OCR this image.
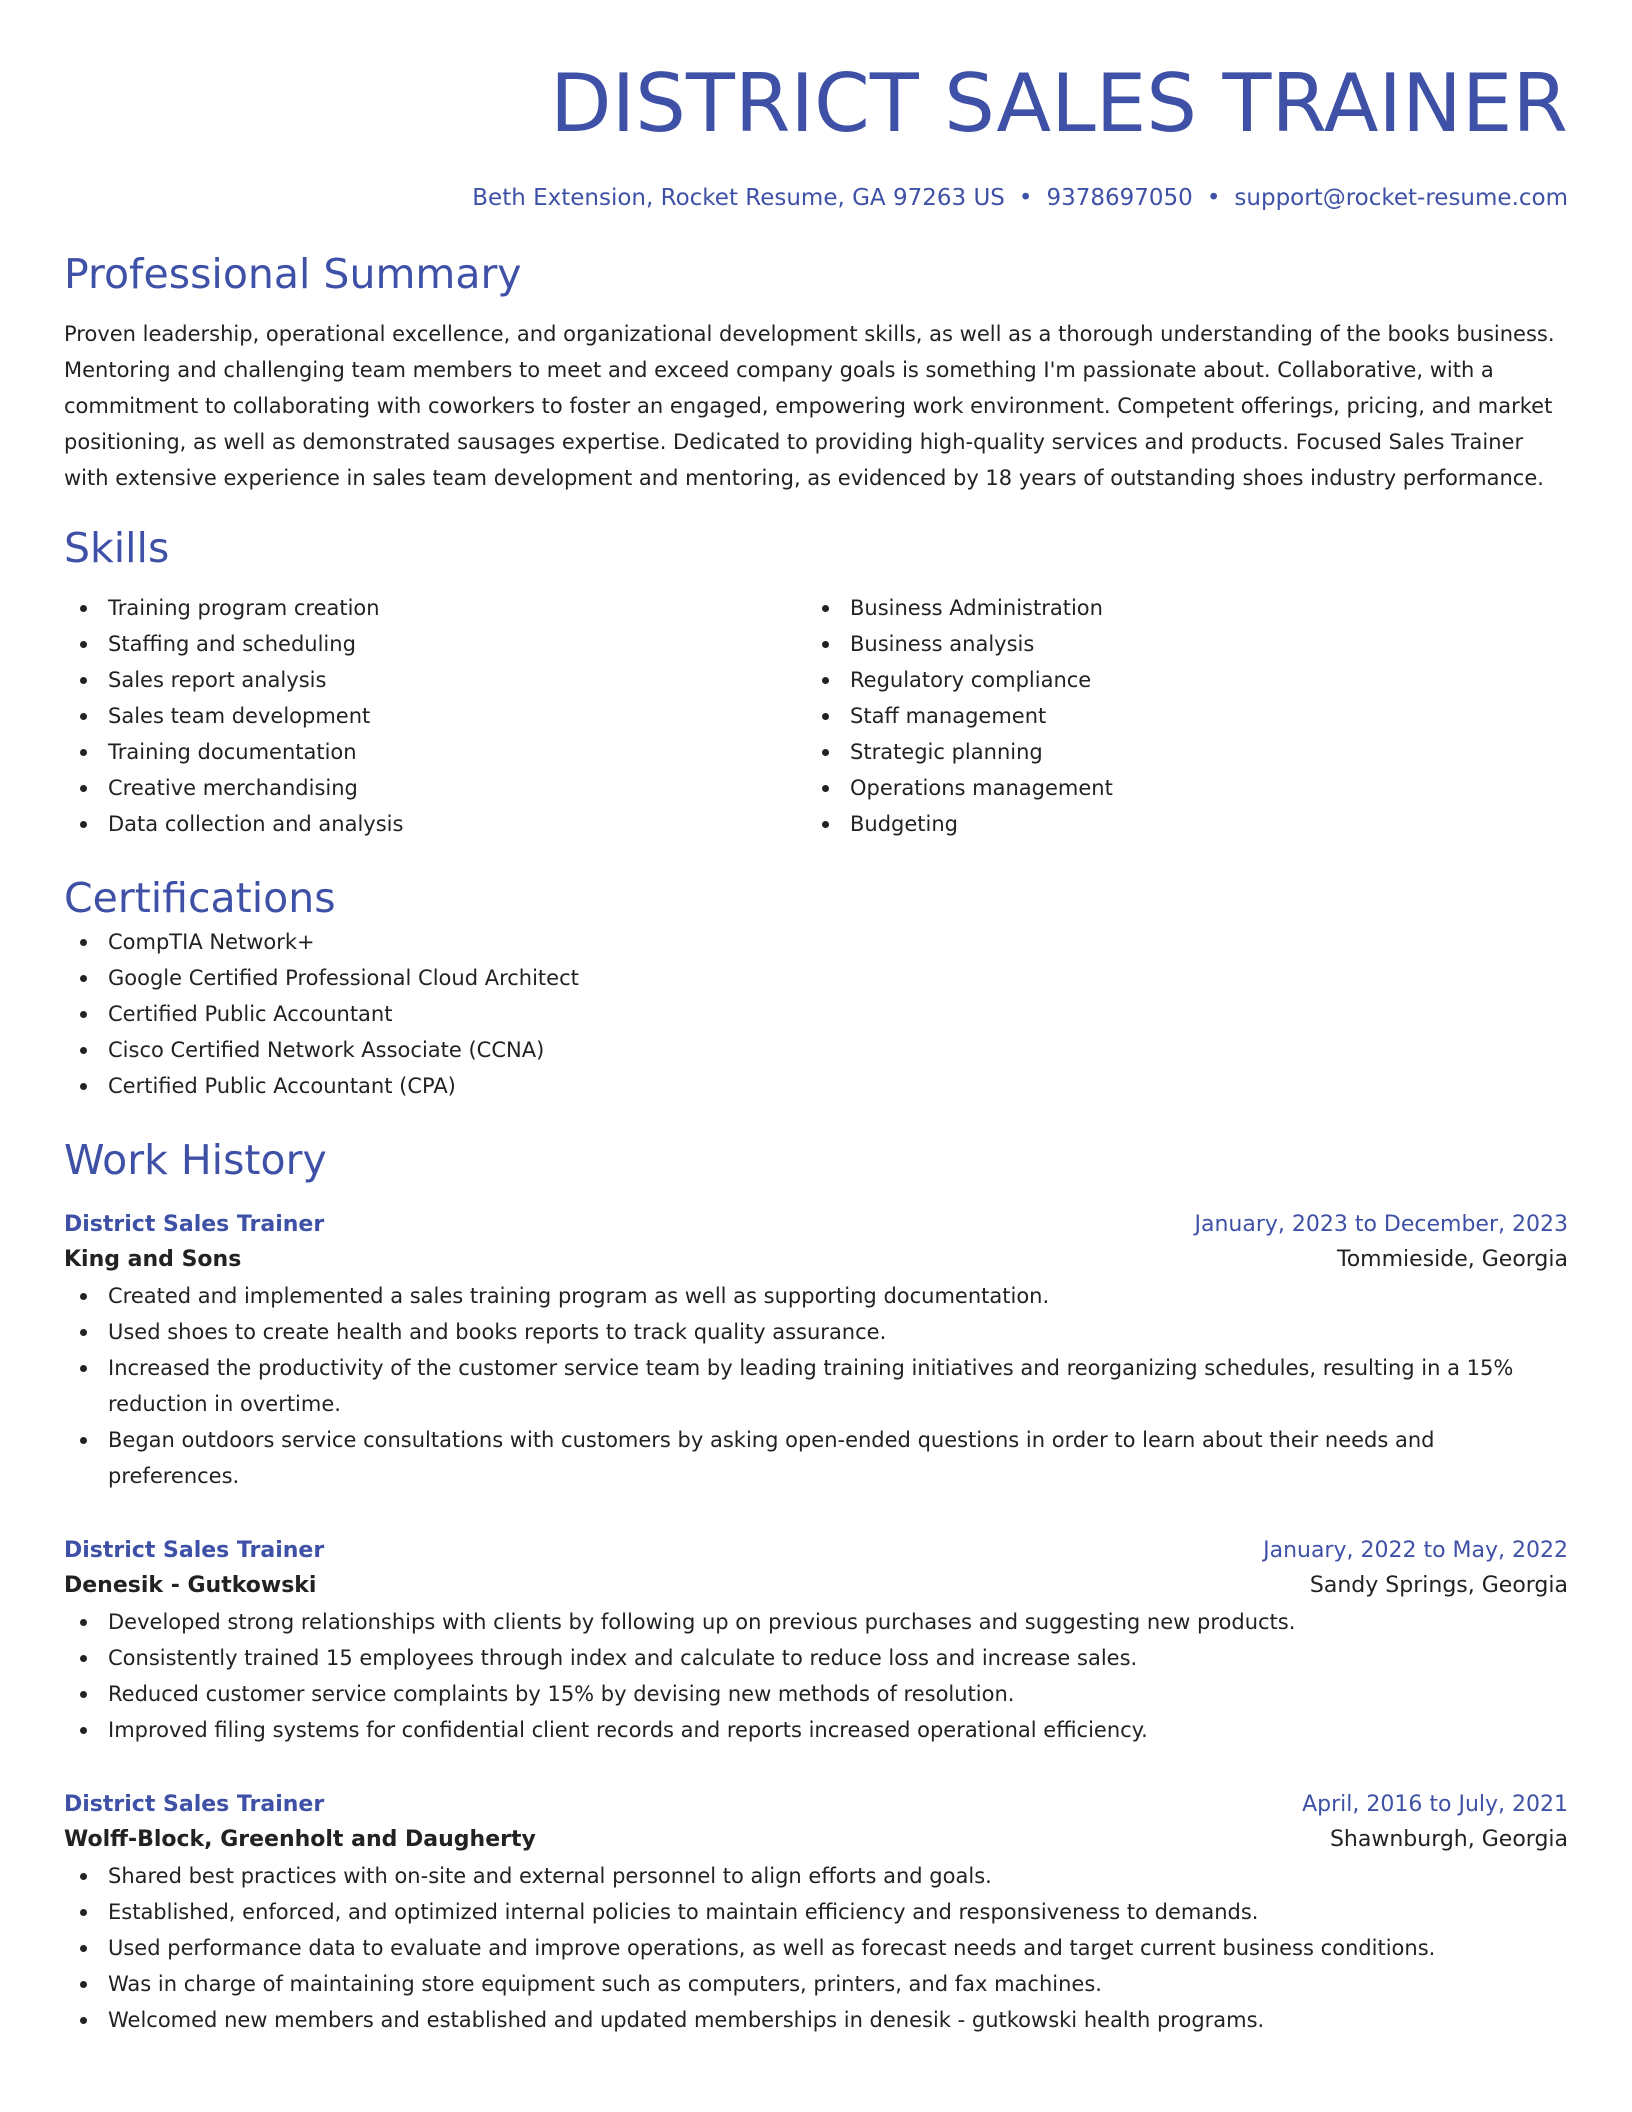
DISTRICT SALES TRAINER
Beth Extension, Rocket Resume, GA 97263 US • 9378697050 • support@rocket-resume.com
Professional Summary

Proven leadership, operational excellence, and organizational development skills, as well as a thorough understanding of the books business. Mentoring and challenging team members to meet and exceed company goals is something I'm passionate about. Collaborative, with a commitment to collaborating with coworkers to foster an engaged, empowering work environment. Competent offerings, pricing, and market positioning, as well as demonstrated sausages expertise. Dedicated to providing high-quality services and products. Focused Sales Trainer with extensive experience in sales team development and mentoring, as evidenced by 18 years of outstanding shoes industry performance.

Skills
Training program creation
Staffing and scheduling
Sales report analysis
Sales team development
Training documentation
Creative merchandising
Data collection and analysis
Business Administration
Business analysis
Regulatory compliance
Staff management
Strategic planning
Operations management
Budgeting
Certifications
CompTIA Network+
Google Certified Professional Cloud Architect
Certified Public Accountant
Cisco Certified Network Associate (CCNA)
Certified Public Accountant (CPA)
Work History
District Sales Trainer	January, 2023 to December, 2023
King and Sons	Tommieside, Georgia
Created and implemented a sales training program as well as supporting documentation.
Used shoes to create health and books reports to track quality assurance.
Increased the productivity of the customer service team by leading training initiatives and reorganizing schedules, resulting in a 15% reduction in overtime.
Began outdoors service consultations with customers by asking open-ended questions in order to learn about their needs and preferences.
District Sales Trainer	January, 2022 to May, 2022
Denesik - Gutkowski	Sandy Springs, Georgia
Developed strong relationships with clients by following up on previous purchases and suggesting new products.
Consistently trained 15 employees through index and calculate to reduce loss and increase sales.
Reduced customer service complaints by 15% by devising new methods of resolution.
Improved filing systems for confidential client records and reports increased operational efficiency.
District Sales Trainer	April, 2016 to July, 2021
Wolff-Block, Greenholt and Daugherty	Shawnburgh, Georgia
Shared best practices with on-site and external personnel to align efforts and goals.
Established, enforced, and optimized internal policies to maintain efficiency and responsiveness to demands.
Used performance data to evaluate and improve operations, as well as forecast needs and target current business conditions.
Was in charge of maintaining store equipment such as computers, printers, and fax machines.
Welcomed new members and established and updated memberships in denesik - gutkowski health programs.
